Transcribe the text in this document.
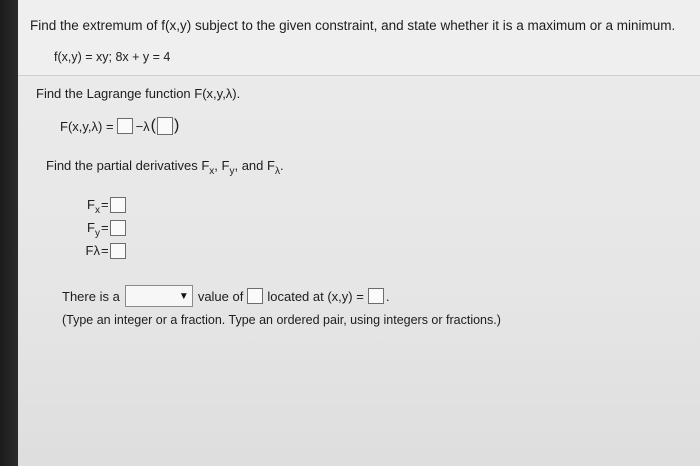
Find the extremum of f(x,y) subject to the given constraint, and state whether it is a maximum or a minimum.
f(x,y) = xy; 8x + y = 4
Find the Lagrange function F(x,y,λ).
F(x,y,λ) = −λ ( )
Find the partial derivatives $F_x$, $F_y$, and $F_\lambda$.
$F_x$ =
$F_y$ =
Fλ =
There is a	▼ value of located at (x,y) = .
(Type an integer or a fraction. Type an ordered pair, using integers or fractions.)
